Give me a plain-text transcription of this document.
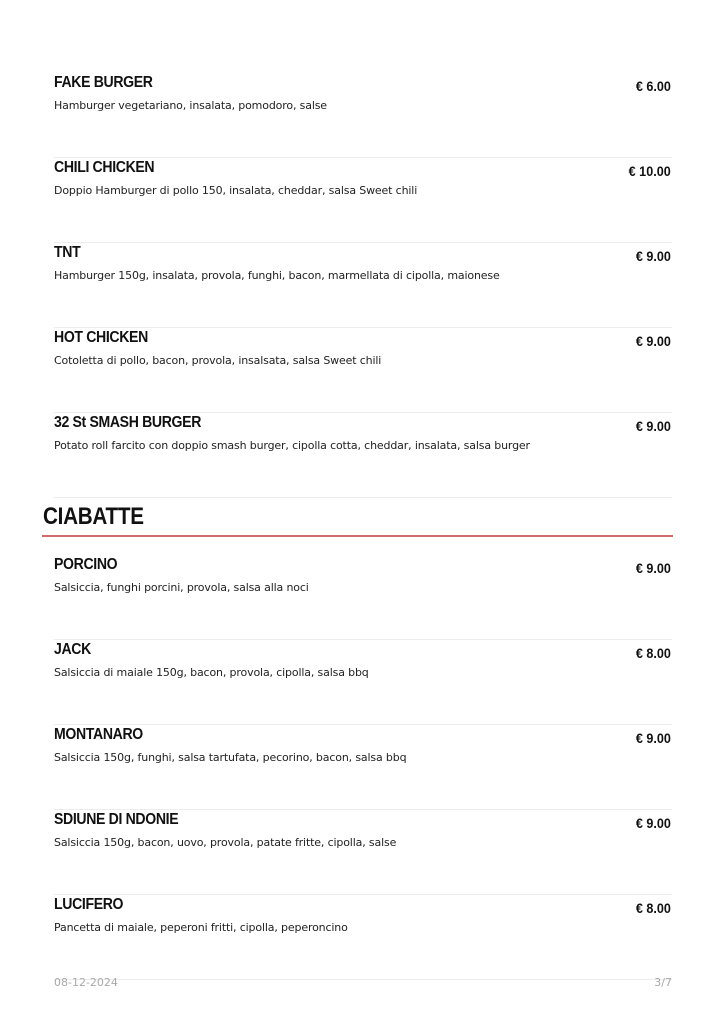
FAKE BURGER
Hamburger vegetariano, insalata, pomodoro, salse
€ 6.00
CHILI CHICKEN
Doppio Hamburger di pollo 150, insalata, cheddar, salsa Sweet chili
€ 10.00
TNT
Hamburger 150g, insalata, provola, funghi, bacon, marmellata di cipolla, maionese
€ 9.00
HOT CHICKEN
Cotoletta di pollo, bacon, provola, insalsata, salsa Sweet chili
€ 9.00
32 St SMASH BURGER
Potato roll farcito con doppio smash burger, cipolla cotta, cheddar, insalata, salsa burger
€ 9.00
CIABATTE
PORCINO
Salsiccia, funghi porcini, provola, salsa alla noci
€ 9.00
JACK
Salsiccia di maiale 150g, bacon, provola, cipolla, salsa bbq
€ 8.00
MONTANARO
Salsiccia 150g, funghi, salsa tartufata, pecorino, bacon, salsa bbq
€ 9.00
SDIUNE DI NDONIE
Salsiccia 150g, bacon, uovo, provola, patate fritte, cipolla, salse
€ 9.00
LUCIFERO
Pancetta di maiale, peperoni fritti, cipolla, peperoncino
€ 8.00
08-12-2024	3/7
